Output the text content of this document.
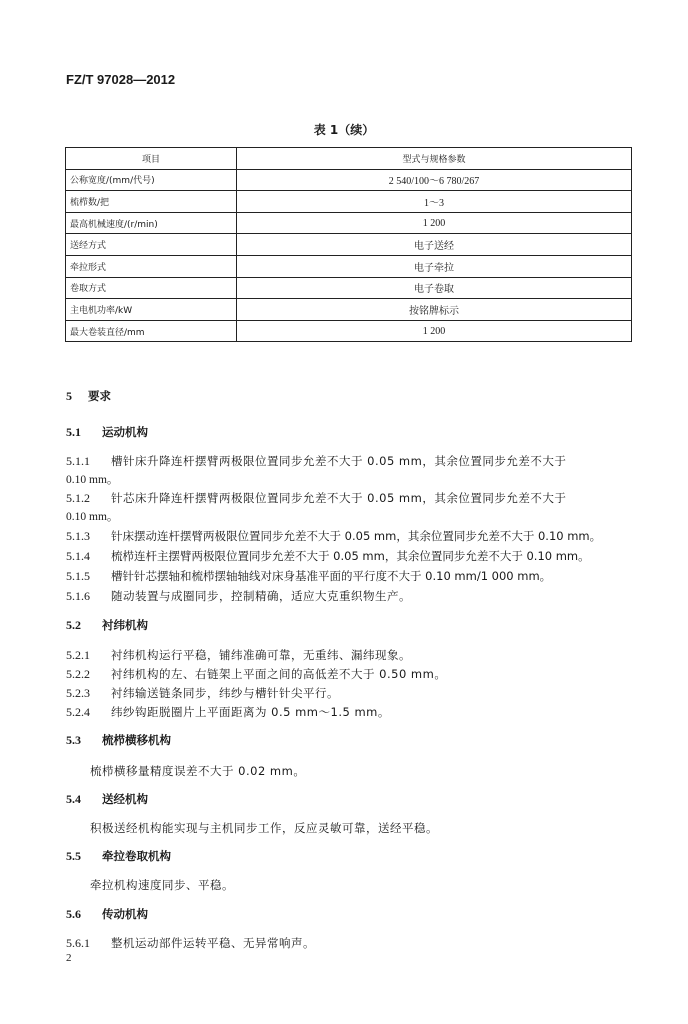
FZ/T 97028—2012
表 1（续）
项目	型式与规格参数
公称宽度/(mm/代号)	2 540/100～6 780/267
梳栉数/把	1～3
最高机械速度/(r/min)	1 200
送经方式	电子送经
牵拉形式	电子牵拉
卷取方式	电子卷取
主电机功率/kW	按铭牌标示
最大卷装直径/mm	1 200
5 要求
5.1 运动机构
5.1.1 槽针床升降连杆摆臂两极限位置同步允差不大于 0.05 mm，其余位置同步允差不大于
0.10 mm。
5.1.2 针芯床升降连杆摆臂两极限位置同步允差不大于 0.05 mm，其余位置同步允差不大于
0.10 mm。
5.1.3 针床摆动连杆摆臂两极限位置同步允差不大于 0.05 mm，其余位置同步允差不大于 0.10 mm。
5.1.4 梳栉连杆主摆臂两极限位置同步允差不大于 0.05 mm，其余位置同步允差不大于 0.10 mm。
5.1.5 槽针针芯摆轴和梳栉摆轴轴线对床身基准平面的平行度不大于 0.10 mm/1 000 mm。
5.1.6 随动装置与成圈同步，控制精确，适应大克重织物生产。
5.2 衬纬机构
5.2.1 衬纬机构运行平稳，铺纬准确可靠，无重纬、漏纬现象。
5.2.2 衬纬机构的左、右链架上平面之间的高低差不大于 0.50 mm。
5.2.3 衬纬输送链条同步，纬纱与槽针针尖平行。
5.2.4 纬纱钩距脱圈片上平面距离为 0.5 mm～1.5 mm。
5.3 梳栉横移机构
梳栉横移量精度误差不大于 0.02 mm。
5.4 送经机构
积极送经机构能实现与主机同步工作，反应灵敏可靠，送经平稳。
5.5 牵拉卷取机构
牵拉机构速度同步、平稳。
5.6 传动机构
5.6.1 整机运动部件运转平稳、无异常响声。
2
